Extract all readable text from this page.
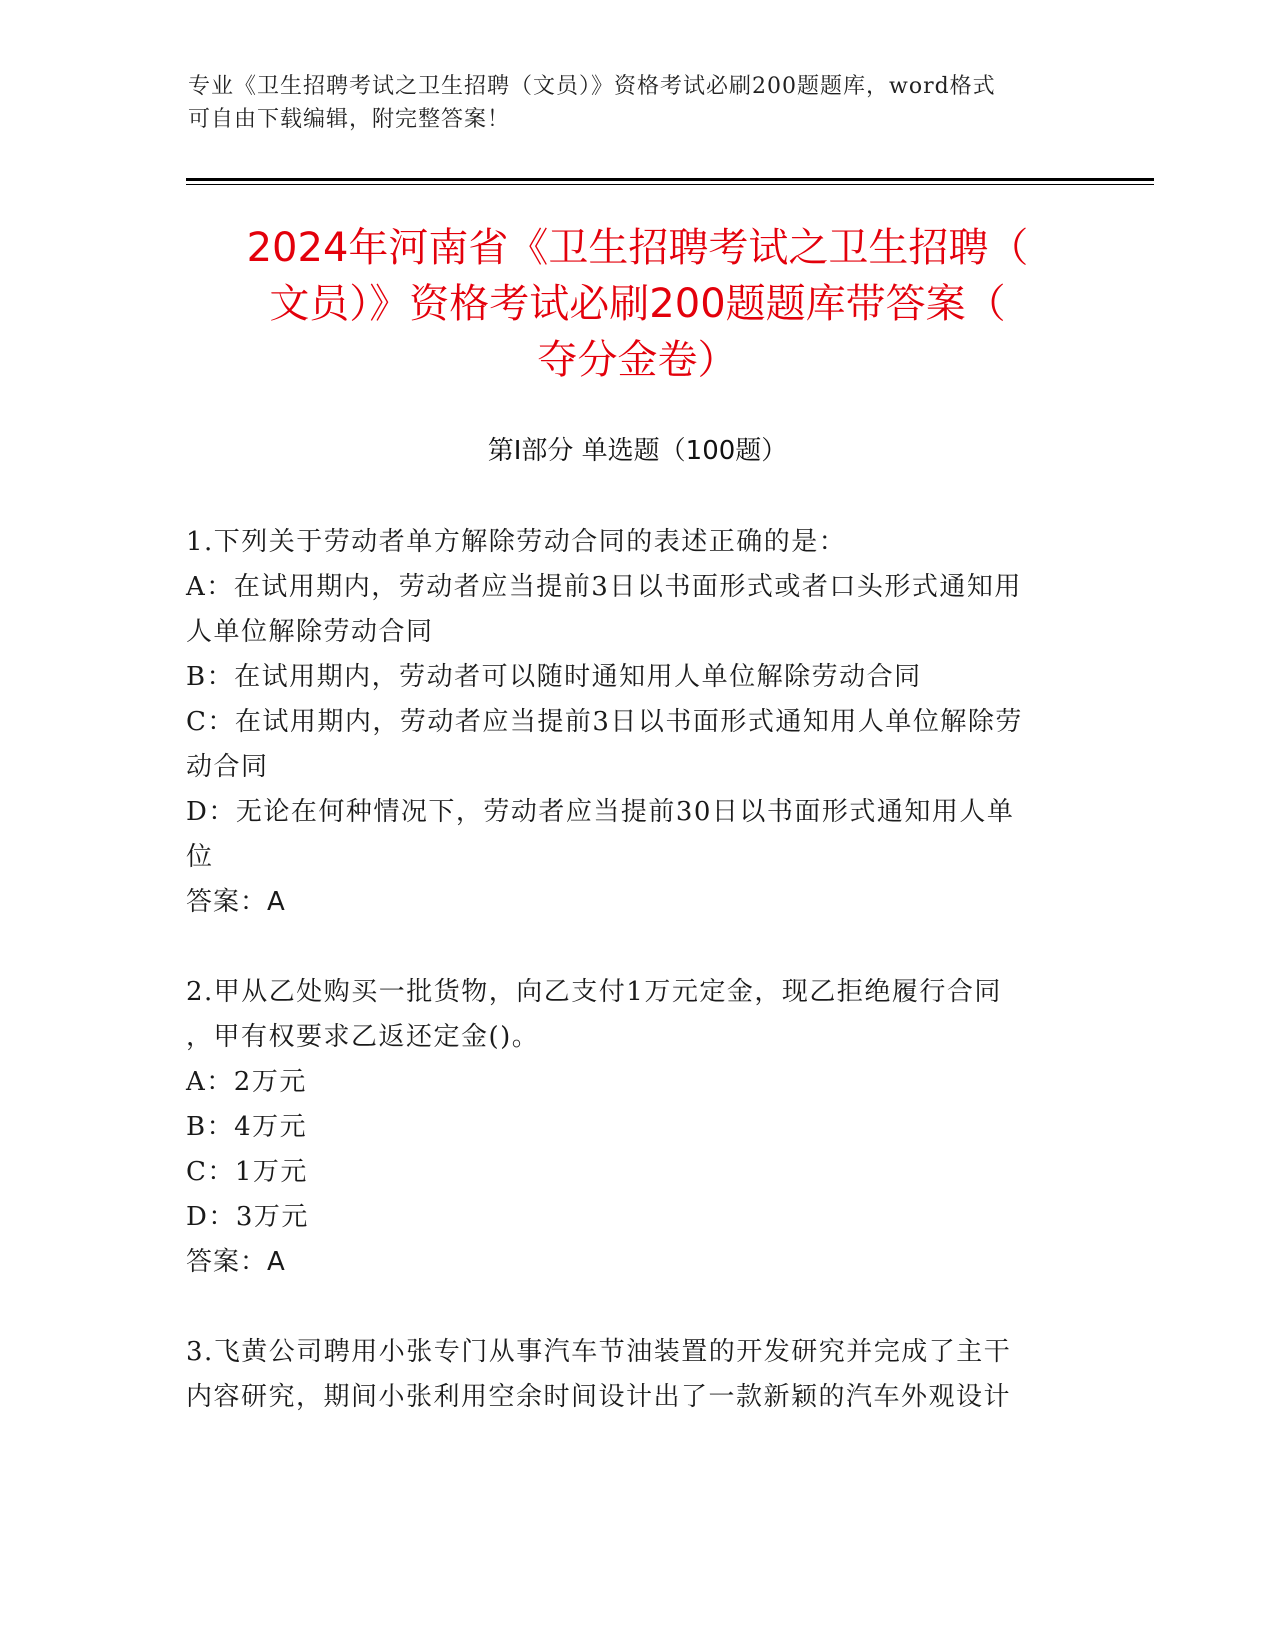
专业《卫生招聘考试之卫生招聘（文员）》资格考试必刷200题题库，word格式
可自由下载编辑，附完整答案！
2024年河南省《卫生招聘考试之卫生招聘（
文员）》资格考试必刷200题题库带答案（
夺分金卷）
第Ⅰ部分 单选题（100题）

1.下列关于劳动者单方解除劳动合同的表述正确的是：

A：在试用期内，劳动者应当提前3日以书面形式或者口头形式通知用

人单位解除劳动合同

B：在试用期内，劳动者可以随时通知用人单位解除劳动合同

C：在试用期内，劳动者应当提前3日以书面形式通知用人单位解除劳

动合同

D：无论在何种情况下，劳动者应当提前30日以书面形式通知用人单

位

答案：A

2.甲从乙处购买一批货物，向乙支付1万元定金，现乙拒绝履行合同

，甲有权要求乙返还定金()。

A：2万元

B：4万元

C：1万元

D：3万元

答案：A

3.飞黄公司聘用小张专门从事汽车节油装置的开发研究并完成了主干

内容研究，期间小张利用空余时间设计出了一款新颖的汽车外观设计
